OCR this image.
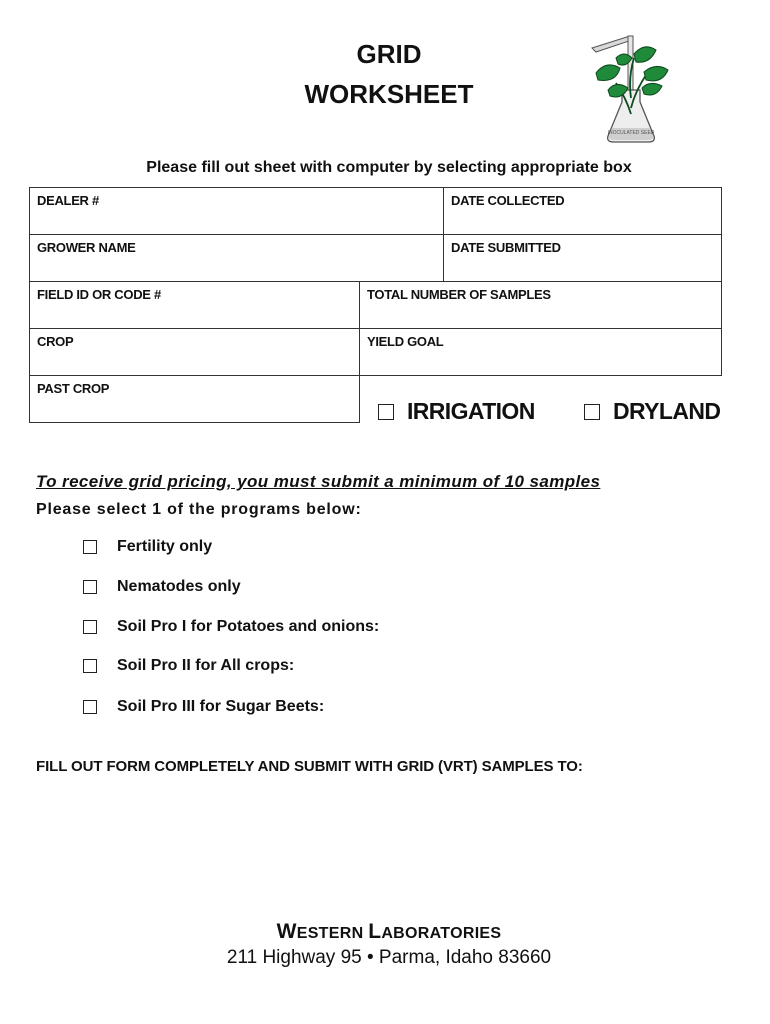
GRID
WORKSHEET
INOCULATED SEED
Please fill out sheet with computer by selecting appropriate box
DEALER #	DATE COLLECTED
GROWER NAME	DATE SUBMITTED
FIELD ID OR CODE #	TOTAL NUMBER OF SAMPLES
CROP	YIELD GOAL
PAST CROP
IRRIGATION	DRYLAND
To receive grid pricing, you must submit a minimum of 10 samples
Please select 1 of the programs below:
Fertility only
Nematodes only
Soil Pro I for Potatoes and onions:
Soil Pro II for All crops:
Soil Pro III for Sugar Beets:
FILL OUT FORM COMPLETELY AND SUBMIT WITH GRID (VRT) SAMPLES TO:
WESTERN LABORATORIES
211 Highway 95 • Parma, Idaho 83660
